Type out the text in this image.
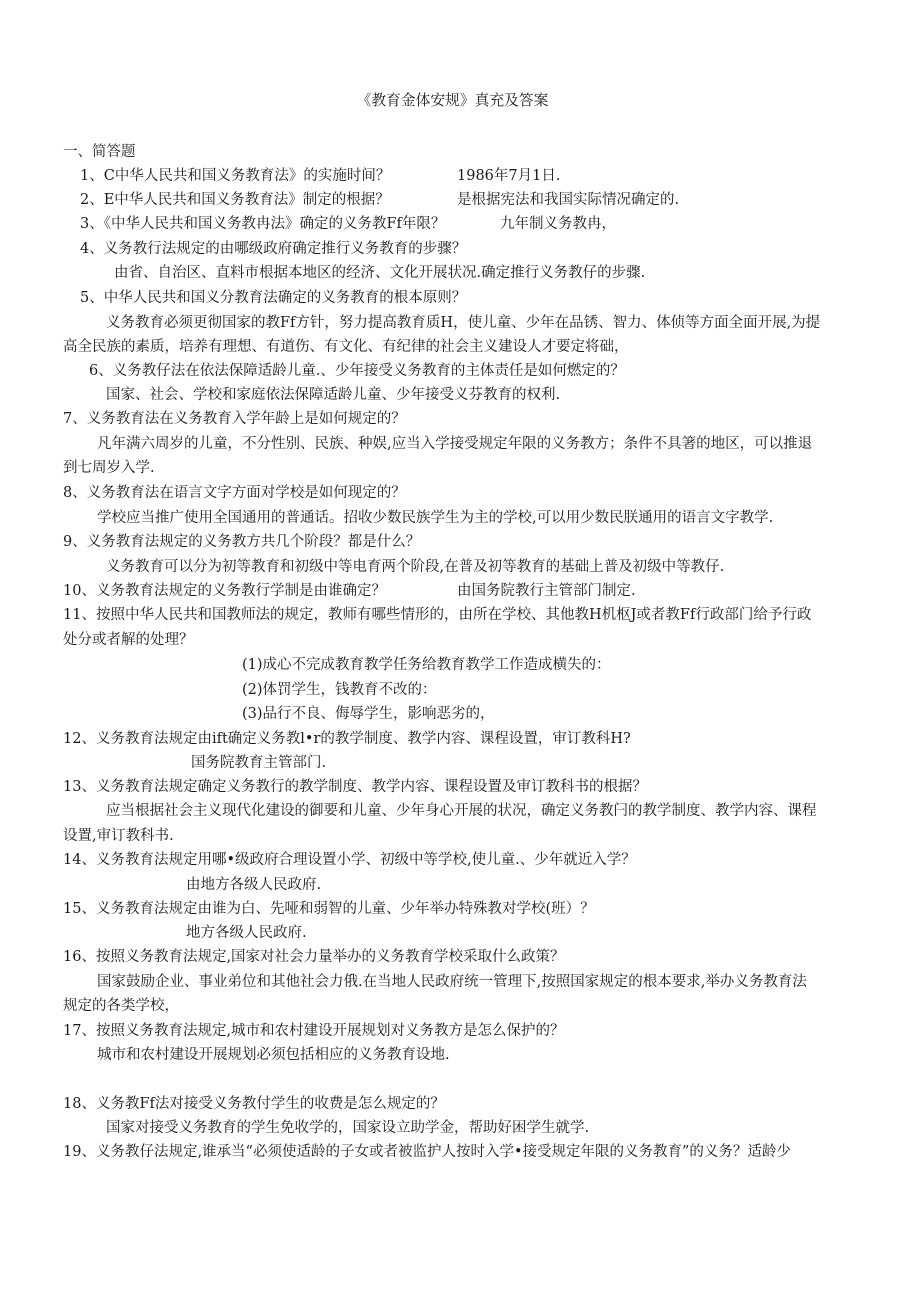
《教育金体安规》真充及答案
一、简答题
1、C中华人民共和国义务教育法》的实施时间？	1986年7月1日.
2、E中华人民共和国义务教育法》制定的根据？	是根据宪法和我国实际情况确定的.
3、《中华人民共和国义务教冉法》确定的义务教Ff年限？	九年制义务教冉，
4、义务教行法规定的由哪级政府确定推行义务教育的步骤？
由省、自治区、直料市根据本地区的经济、文化开展状况.确定推行义务教仔的步骤.
5、中华人民共和国义分教育法确定的义务教育的根本原则？
义务教育必须更彻国家的教Ff方针，努力提高教育质H，使儿童、少年在品锈、智力、体侦等方面全面开展,为提
高全民族的素质，培养有理想、有道伤、有文化、有纪律的社会主义建设人才要定将础，
6、义务教仔法在依法保障适龄儿童.、少年接受义务教育的主体责任是如何燃定的？
国家、社会、学校和家庭依法保障适龄儿童、少年接受义芬教育的权利.
7、义务教育法在义务教育入学年龄上是如何规定的？
凡年满六周岁的儿童，不分性别、民族、种娱,应当入学接受规定年限的义务教方；条件不具箸的地区，可以推退
到七周岁入学.
8、义务教育法在语言文字方面对学校是如何现定的？
学校应当推广使用全国通用的普通话。招收少数民族学生为主的学校,可以用少数民朕通用的语言文字教学.
9、义务教育法规定的义务教方共几个阶段？都是什么？
义务教育可以分为初等教育和初级中等电育两个阶段,在普及初等教育的基础上普及初级中等教仔.
10、义务教育法规定的义务教行学制是由谁确定？	由国务院教行主管部门制定.
11、按照中华人民共和国教师法的规定，教师有哪些情形的，由所在学校、其他教H机枢J或者教Ff行政部门给予行政
处分或者解的处理？
(1)成心不完成教育教学任务给教育教学工作造成横失的：
(2)体罚学生，钱教育不改的：
(3)品行不良、侮辱学生，影响恶劣的，
12、义务教育法规定由ift确定义务教l•r的教学制度、教学内容、课程设置，审订教科H?
国务院教育主管部门.
13、义务教育法规定确定义务教行的教学制度、教学内容、课程设置及审订教科书的根据？
应当根据社会主义现代化建设的御要和儿童、少年身心开展的状况，确定义务教闩的教学制度、教学内容、课程
设置,审订教科书.
14、义务教育法规定用哪•级政府合理设置小学、初级中等学校,使儿童.、少年就近入学？
由地方各级人民政府.
15、义务教育法规定由谁为白、先哑和弱智的儿童、少年举办特殊教对学校(班）？
地方各级人民政府.
16、按照义务教育法规定,国家对社会力量举办的义务教育学校采取什么政策？
国家鼓励企业、事业弟位和其他社会力俄.在当地人民政府统一管理下,按照国家规定的根本要求,举办义务教育法
规定的各类学校，
17、按照义务教育法规定,城市和农村建设开展规划对义务教方是怎么保护的？
城市和农村建设开展规划必须包括相应的义务教育设地.
18、义务教Ff法对接受义务教付学生的收费是怎么规定的？
国家对接受义务教育的学生免收学的，国家设立助学金，帮助好困学生就学.
19、义务教仔法规定,谁承当“必须使适龄的子女或者被监护人按时入学•接受规定年限的义务教育”的义务？适龄少
